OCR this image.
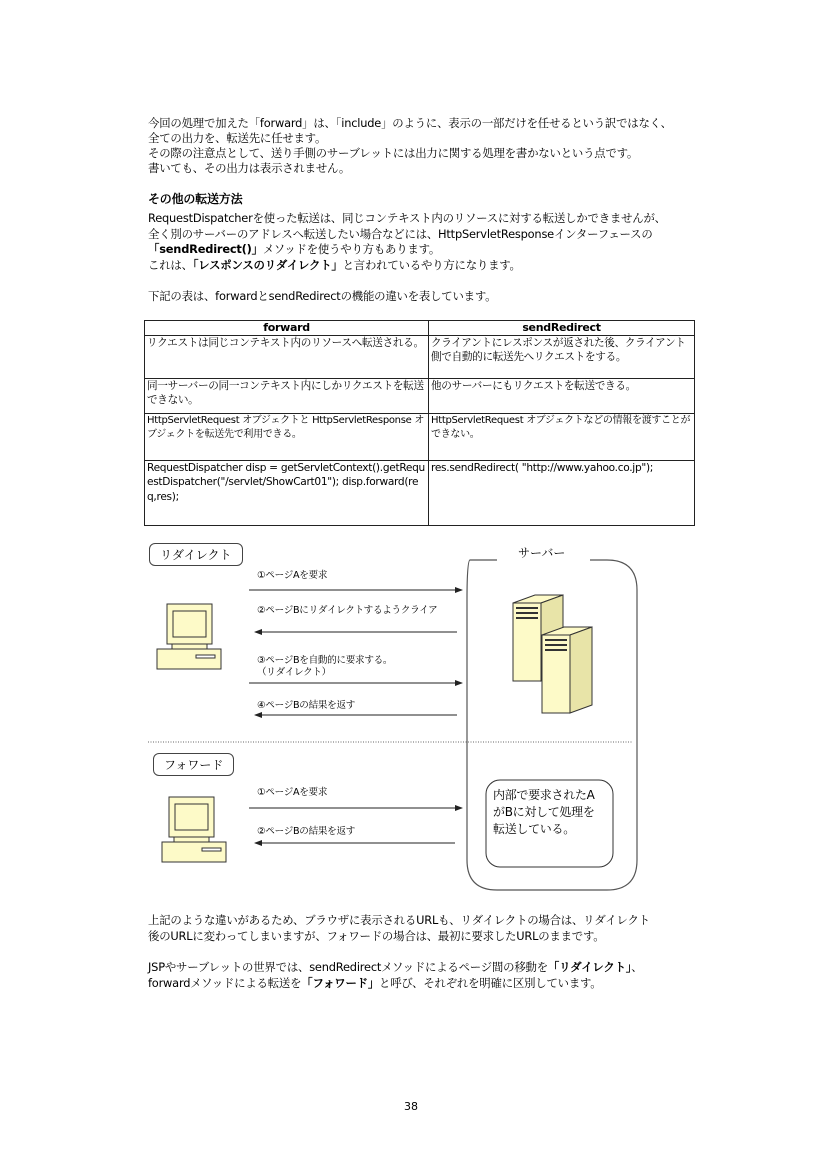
今回の処理で加えた「forward」は、「include」のように、表示の一部だけを任せるという訳ではなく、
全ての出力を、転送先に任せます。
その際の注意点として、送り手側のサーブレットには出力に関する処理を書かないという点です。
書いても、その出力は表示されません。
その他の転送方法
RequestDispatcherを使った転送は、同じコンテキスト内のリソースに対する転送しかできませんが、
全く別のサーバーのアドレスへ転送したい場合などには、HttpServletResponseインターフェースの
「sendRedirect()」メソッドを使うやり方もあります。
これは、「レスポンスのリダイレクト」と言われているやり方になります。
下記の表は、forwardとsendRedirectの機能の違いを表しています。
forward	sendRedirect
リクエストは同じコンテキスト内のリソースへ転送される。	クライアントにレスポンスが返された後、クライアント側で自動的に転送先へリクエストをする。
同一サーバーの同一コンテキスト内にしかリクエストを転送できない。	他のサーバーにもリクエストを転送できる。
HttpServletRequest オブジェクトと HttpServletResponse オブジェクトを転送先で利用できる。	HttpServletRequest オブジェクトなどの情報を渡すことができない。
RequestDispatcher disp = getServletContext().getRequestDispatcher("/servlet/ShowCart01"); disp.forward(req,res);	res.sendRedirect( "http://www.yahoo.co.jp");
リダイレクト
フォワード
サーバー
①ページAを要求
②ページBにリダイレクトするようクライア
③ページBを自動的に要求する。
（リダイレクト）
④ページBの結果を返す
①ページAを要求
②ページBの結果を返す
内部で要求されたA
がBに対して処理を
転送している。
上記のような違いがあるため、ブラウザに表示されるURLも、リダイレクトの場合は、リダイレクト
後のURLに変わってしまいますが、フォワードの場合は、最初に要求したURLのままです。
JSPやサーブレットの世界では、sendRedirectメソッドによるページ間の移動を「リダイレクト」、
forwardメソッドによる転送を「フォワード」と呼び、それぞれを明確に区別しています。
38
